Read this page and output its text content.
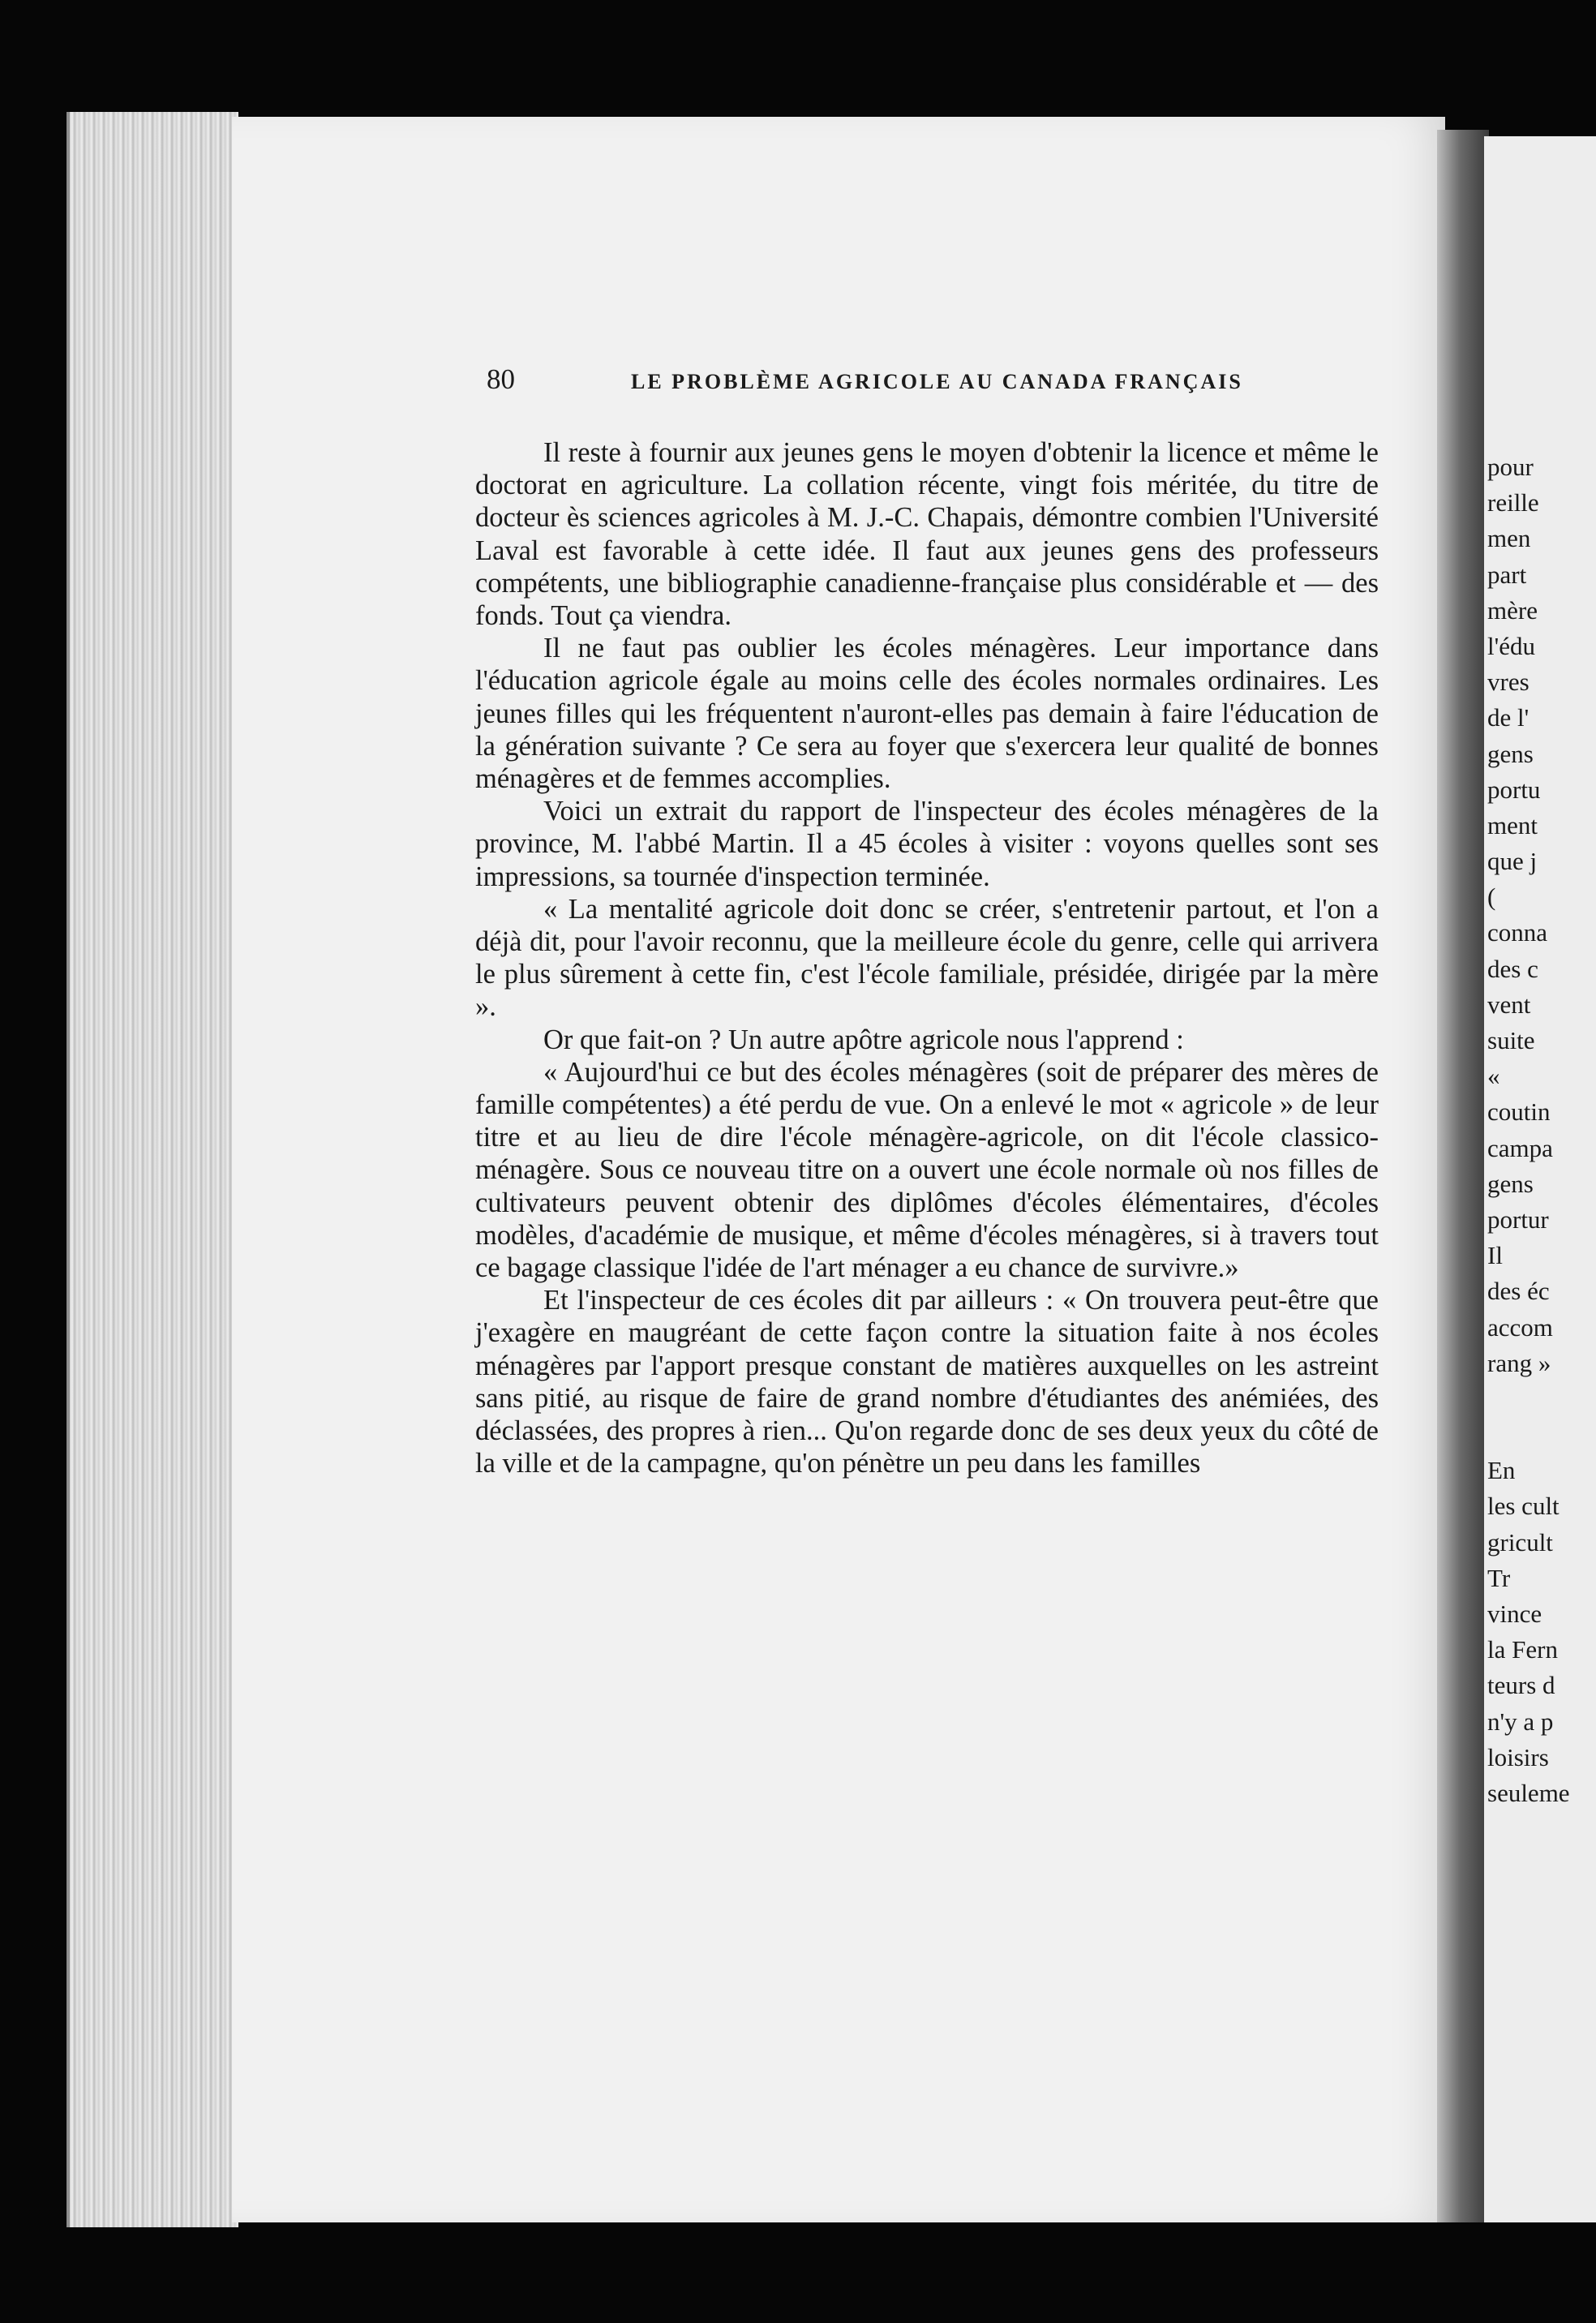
pour
reille
men
part
mère
l'édu
vres
de l'
gens
portu
ment
que j
(
conna
des c
vent
suite
«
coutin
campa
gens
portur
Il
des éc
accom
rang »
En
les cult
gricult
Tr
vince
la Fern
teurs d
n'y a p
loisirs
seuleme
80	LE PROBLÈME AGRICOLE AU CANADA FRANÇAIS

Il reste à fournir aux jeunes gens le moyen d'obtenir la licence et même le doctorat en agriculture. La collation récente, vingt fois méritée, du titre de docteur ès sciences agricoles à M. J.-C. Chapais, démontre combien l'Université Laval est favorable à cette idée. Il faut aux jeunes gens des professeurs compétents, une bibliographie canadienne-française plus considérable et — des fonds. Tout ça viendra.

Il ne faut pas oublier les écoles ménagères. Leur importance dans l'éducation agricole égale au moins celle des écoles normales ordinaires. Les jeunes filles qui les fréquentent n'auront-elles pas demain à faire l'éducation de la génération suivante ? Ce sera au foyer que s'exercera leur qualité de bonnes ménagères et de femmes accomplies.

Voici un extrait du rapport de l'inspecteur des écoles ménagères de la province, M. l'abbé Martin. Il a 45 écoles à visiter : voyons quelles sont ses impressions, sa tournée d'inspection terminée.

« La mentalité agricole doit donc se créer, s'entretenir partout, et l'on a déjà dit, pour l'avoir reconnu, que la meilleure école du genre, celle qui arrivera le plus sûrement à cette fin, c'est l'école familiale, présidée, dirigée par la mère ».

Or que fait-on ? Un autre apôtre agricole nous l'apprend :

« Aujourd'hui ce but des écoles ménagères (soit de préparer des mères de famille compétentes) a été perdu de vue. On a enlevé le mot « agricole » de leur titre et au lieu de dire l'école ménagère-agricole, on dit l'école classico-ménagère. Sous ce nouveau titre on a ouvert une école normale où nos filles de cultivateurs peuvent obtenir des diplômes d'écoles élémentaires, d'écoles modèles, d'académie de musique, et même d'écoles ménagères, si à travers tout ce bagage classique l'idée de l'art ménager a eu chance de survivre.»

Et l'inspecteur de ces écoles dit par ailleurs : « On trouvera peut-être que j'exagère en maugréant de cette façon contre la situation faite à nos écoles ménagères par l'apport presque constant de matières auxquelles on les astreint sans pitié, au risque de faire de grand nombre d'étudiantes des anémiées, des déclassées, des propres à rien... Qu'on regarde donc de ses deux yeux du côté de la ville et de la campagne, qu'on pénètre un peu dans les familles
